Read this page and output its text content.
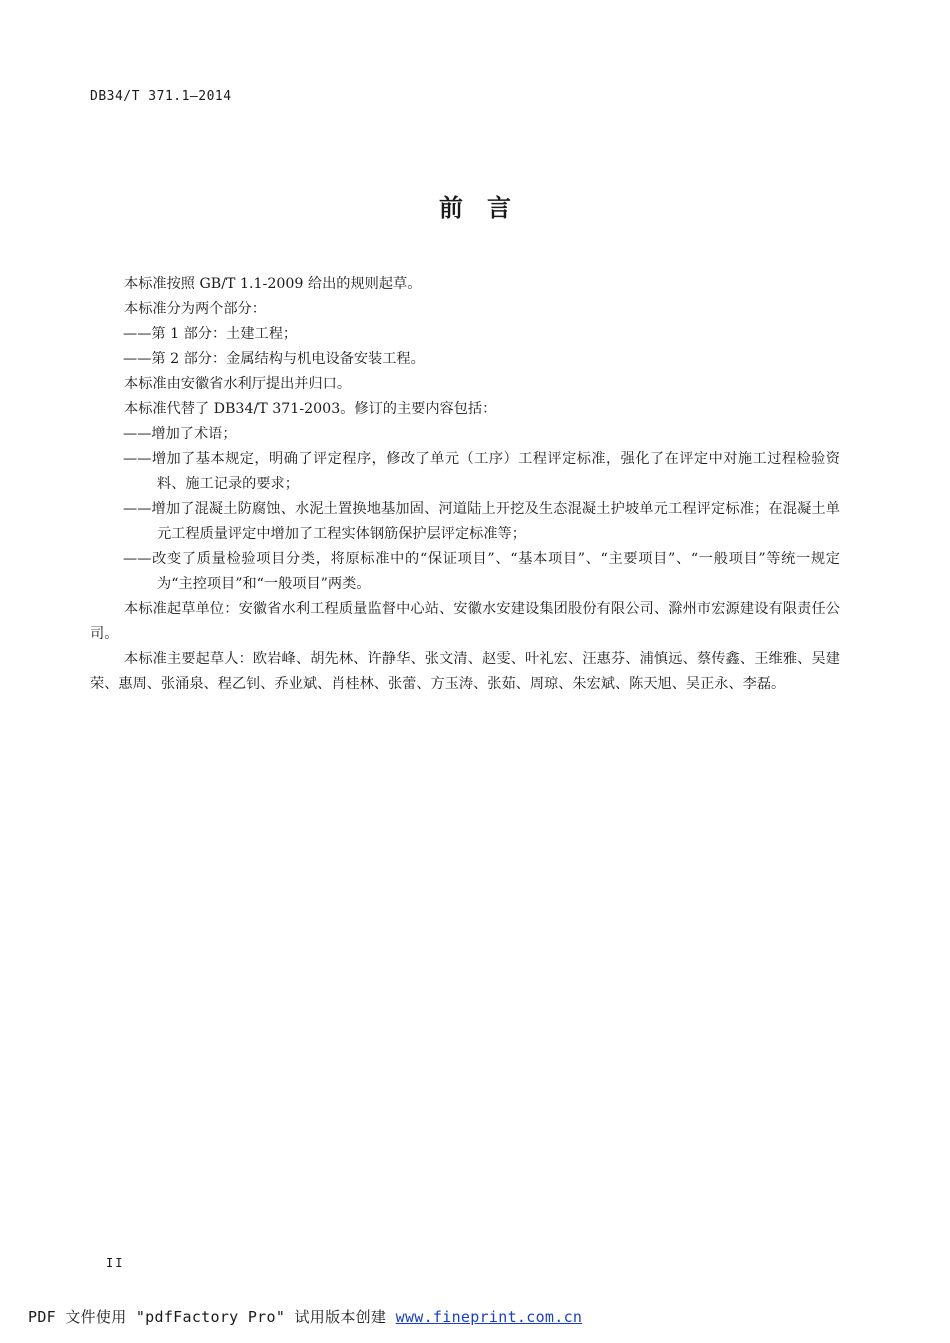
DB34/T 371.1—2014
前言

本标准按照 GB/T 1.1-2009 给出的规则起草。

本标准分为两个部分：

——第 1 部分：土建工程；

——第 2 部分：金属结构与机电设备安装工程。

本标准由安徽省水利厅提出并归口。

本标准代替了 DB34/T 371-2003。修订的主要内容包括：

——增加了术语；

——增加了基本规定，明确了评定程序，修改了单元（工序）工程评定标准，强化了在评定中对施工过程检验资料、施工记录的要求；

——增加了混凝土防腐蚀、水泥土置换地基加固、河道陆上开挖及生态混凝土护坡单元工程评定标准；在混凝土单元工程质量评定中增加了工程实体钢筋保护层评定标准等；

——改变了质量检验项目分类，将原标准中的“保证项目”、“基本项目”、“主要项目”、“一般项目”等统一规定为“主控项目”和“一般项目”两类。

本标准起草单位：安徽省水利工程质量监督中心站、安徽水安建设集团股份有限公司、滁州市宏源建设有限责任公司。

本标准主要起草人：欧岩峰、胡先林、许静华、张文清、赵雯、叶礼宏、汪惠芬、浦慎远、蔡传鑫、王维雅、吴建荣、惠周、张涌泉、程乙钊、乔业斌、肖桂林、张蕾、方玉涛、张茹、周琼、朱宏斌、陈天旭、吴正永、李磊。

II
PDF 文件使用 "pdfFactory Pro" 试用版本创建 www.fineprint.com.cn
